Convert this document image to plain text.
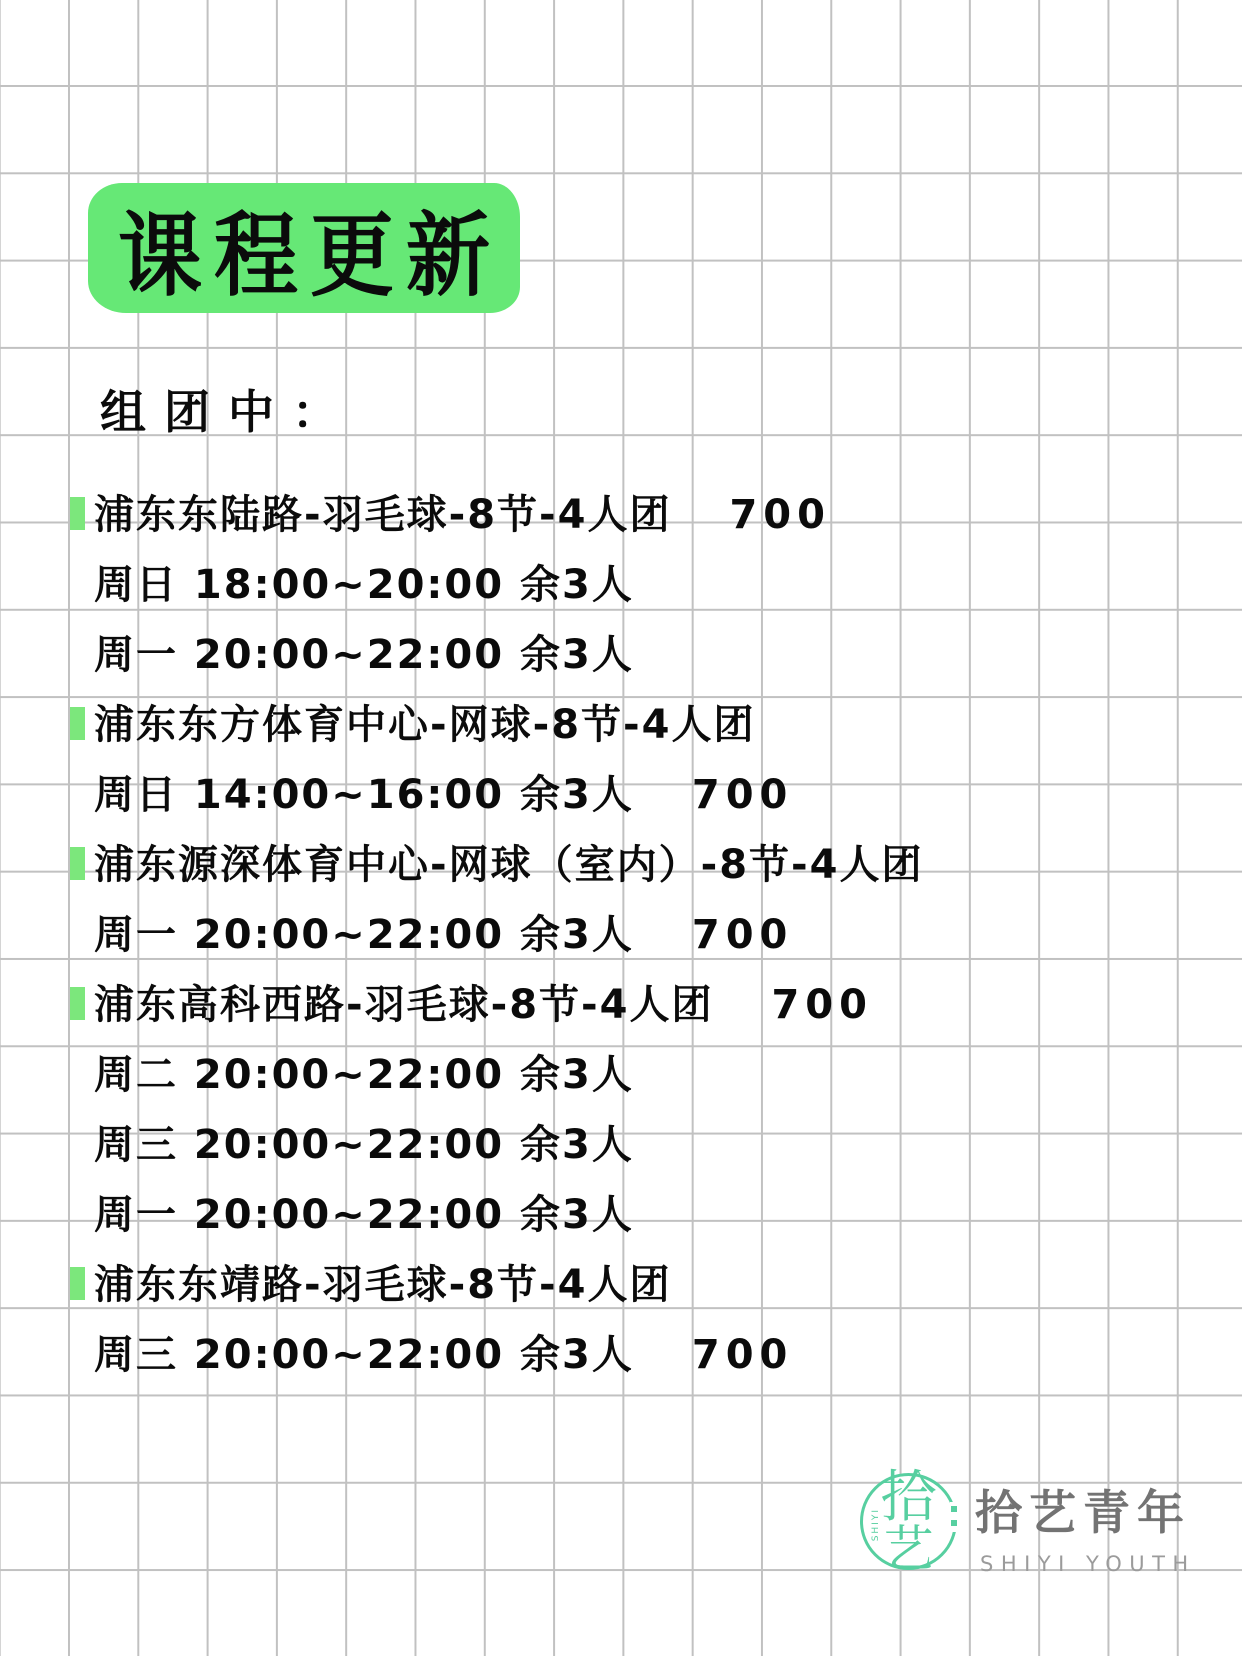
课程更新
组团中：
浦东东陆路-羽毛球-8节-4人团 700
周日 18:00~20:00 余3人
周一 20:00~22:00 余3人
浦东东方体育中心-网球-8节-4人团
周日 14:00~16:00 余3人 700
浦东源深体育中心-网球（室内）-8节-4人团
周一 20:00~22:00 余3人 700
浦东高科西路-羽毛球-8节-4人团 700
周二 20:00~22:00 余3人
周三 20:00~22:00 余3人
周一 20:00~22:00 余3人
浦东东靖路-羽毛球-8节-4人团
周三 20:00~22:00 余3人 700
SHIYI 拾
艺
拾艺青年
SHIYI YOUTH
